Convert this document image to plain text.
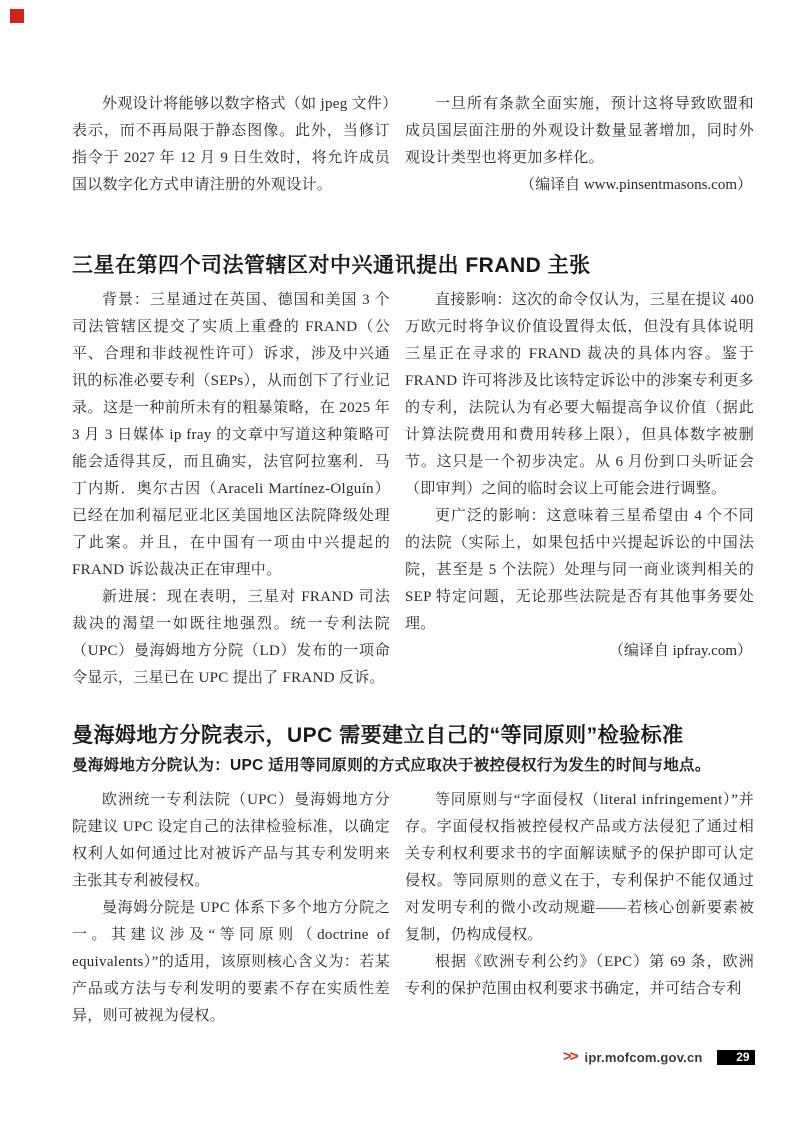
外观设计将能够以数字格式（如 jpeg 文件）表示，而不再局限于静态图像。此外，当修订指令于 2027 年 12 月 9 日生效时，将允许成员国以数字化方式申请注册的外观设计。

一旦所有条款全面实施，预计这将导致欧盟和成员国层面注册的外观设计数量显著增加，同时外观设计类型也将更加多样化。

（编译自 www.pinsentmasons.com）

三星在第四个司法管辖区对中兴通讯提出 FRAND 主张

背景：三星通过在英国、德国和美国 3 个司法管辖区提交了实质上重叠的 FRAND（公平、合理和非歧视性许可）诉求，涉及中兴通讯的标准必要专利（SEPs），从而创下了行业记录。这是一种前所未有的粗暴策略，在 2025 年 3 月 3 日媒体 ip fray 的文章中写道这种策略可能会适得其反，而且确实，法官阿拉塞利．马丁内斯．奥尔古因（Araceli Martínez-Olguín）已经在加利福尼亚北区美国地区法院降级处理了此案。并且，在中国有一项由中兴提起的 FRAND 诉讼裁决正在审理中。

新进展：现在表明，三星对 FRAND 司法裁决的渴望一如既往地强烈。统一专利法院（UPC）曼海姆地方分院（LD）发布的一项命令显示，三星已在 UPC 提出了 FRAND 反诉。

直接影响：这次的命令仅认为，三星在提议 400 万欧元时将争议价值设置得太低，但没有具体说明三星正在寻求的 FRAND 裁决的具体内容。鉴于 FRAND 许可将涉及比该特定诉讼中的涉案专利更多的专利，法院认为有必要大幅提高争议价值（据此计算法院费用和费用转移上限），但具体数字被删节。这只是一个初步决定。从 6 月份到口头听证会（即审判）之间的临时会议上可能会进行调整。

更广泛的影响：这意味着三星希望由 4 个不同的法院（实际上，如果包括中兴提起诉讼的中国法院，甚至是 5 个法院）处理与同一商业谈判相关的 SEP 特定问题，无论那些法院是否有其他事务要处理。

（编译自 ipfray.com）

曼海姆地方分院表示，UPC 需要建立自己的“等同原则”检验标准

曼海姆地方分院认为：UPC 适用等同原则的方式应取决于被控侵权行为发生的时间与地点。

欧洲统一专利法院（UPC）曼海姆地方分院建议 UPC 设定自己的法律检验标准，以确定权利人如何通过比对被诉产品与其专利发明来主张其专利被侵权。

曼海姆分院是 UPC 体系下多个地方分院之一。其建议涉及“等同原则（doctrine of equivalents）”的适用，该原则核心含义为：若某产品或方法与专利发明的要素不存在实质性差异，则可被视为侵权。

等同原则与“字面侵权（literal infringement）”并存。字面侵权指被控侵权产品或方法侵犯了通过相关专利权利要求书的字面解读赋予的保护即可认定侵权。等同原则的意义在于，专利保护不能仅通过对发明专利的微小改动规避——若核心创新要素被复制，仍构成侵权。

根据《欧洲专利公约》（EPC）第 69 条，欧洲专利的保护范围由权利要求书确定，并可结合专利

>> ipr.mofcom.gov.cn	29
